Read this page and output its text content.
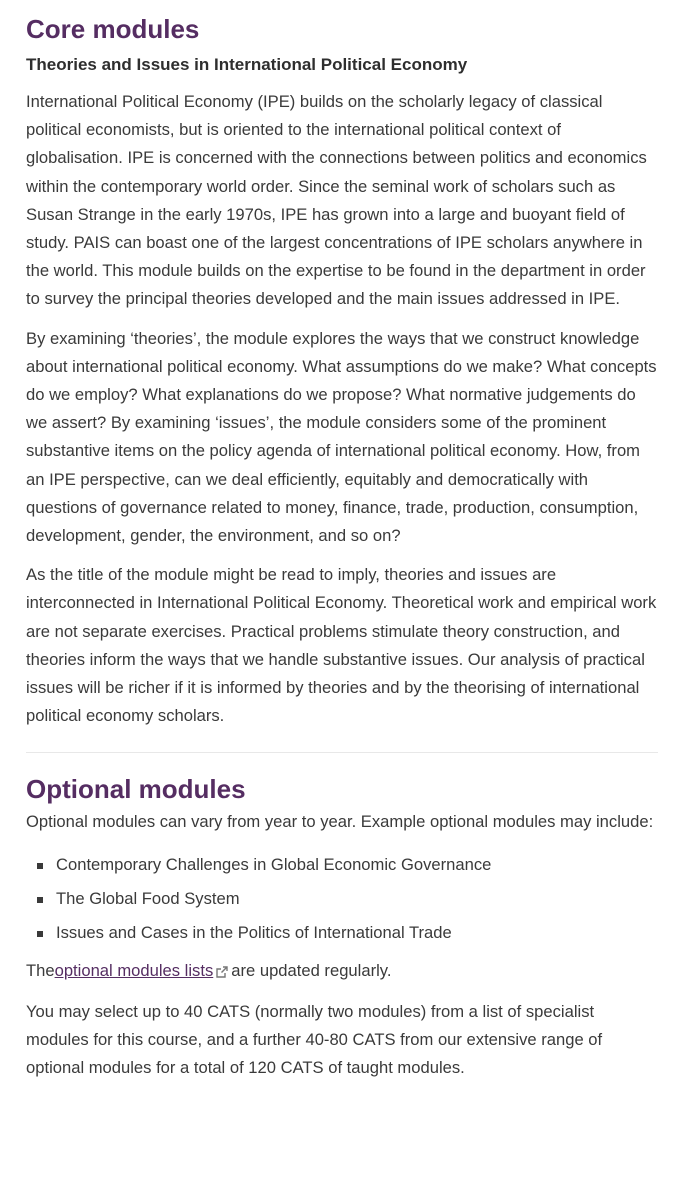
Core modules
Theories and Issues in International Political Economy

International Political Economy (IPE) builds on the scholarly legacy of classical political economists, but is oriented to the international political context of globalisation. IPE is concerned with the connections between politics and economics within the contemporary world order. Since the seminal work of scholars such as Susan Strange in the early 1970s, IPE has grown into a large and buoyant field of study. PAIS can boast one of the largest concentrations of IPE scholars anywhere in the world. This module builds on the expertise to be found in the department in order to survey the principal theories developed and the main issues addressed in IPE.

By examining ‘theories’, the module explores the ways that we construct knowledge about international political economy. What assumptions do we make? What concepts do we employ? What explanations do we propose? What normative judgements do we assert? By examining ‘issues’, the module considers some of the prominent substantive items on the policy agenda of international political economy. How, from an IPE perspective, can we deal efficiently, equitably and democratically with questions of governance related to money, finance, trade, production, consumption, development, gender, the environment, and so on?

As the title of the module might be read to imply, theories and issues are interconnected in International Political Economy. Theoretical work and empirical work are not separate exercises. Practical problems stimulate theory construction, and theories inform the ways that we handle substantive issues. Our analysis of practical issues will be richer if it is informed by theories and by the theorising of international political economy scholars.

Optional modules

Optional modules can vary from year to year. Example optional modules may include:

Contemporary Challenges in Global Economic Governance
The Global Food System
Issues and Cases in the Politics of International Trade

Theoptional modules lists are updated regularly.

You may select up to 40 CATS (normally two modules) from a list of specialist modules for this course, and a further 40-80 CATS from our extensive range of optional modules for a total of 120 CATS of taught modules.
